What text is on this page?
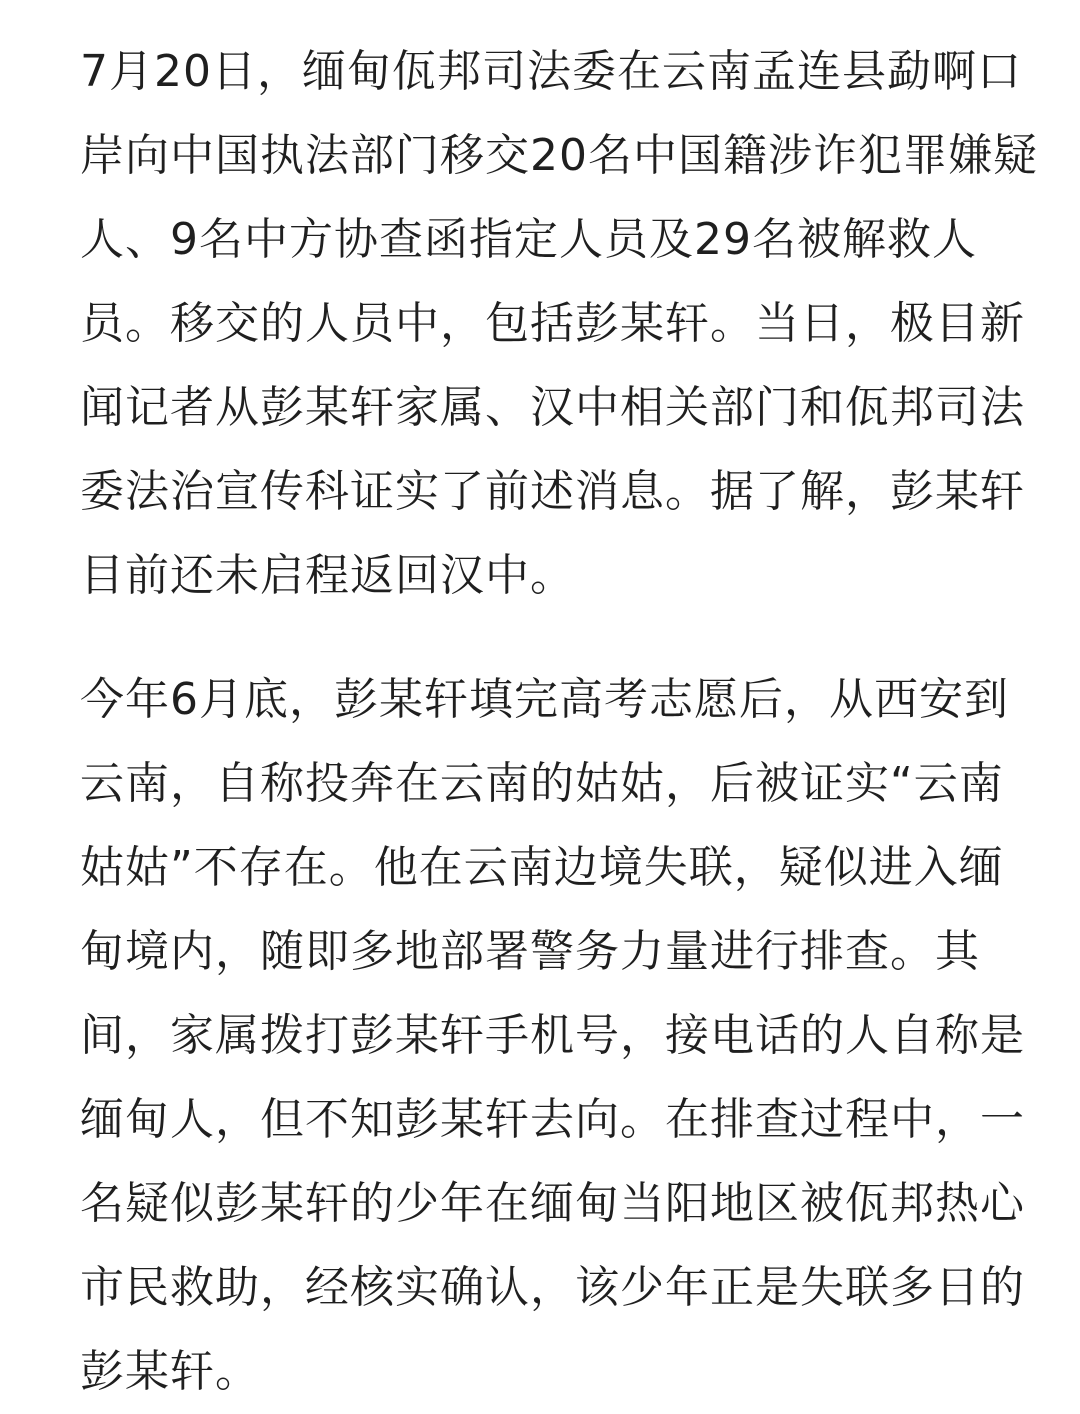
7月20日，缅甸佤邦司法委在云南孟连县勐啊口
岸向中国执法部门移交20名中国籍涉诈犯罪嫌疑
人、9名中方协查函指定人员及29名被解救人
员。移交的人员中，包括彭某轩。当日，极目新
闻记者从彭某轩家属、汉中相关部门和佤邦司法
委法治宣传科证实了前述消息。据了解，彭某轩
目前还未启程返回汉中。

今年6月底，彭某轩填完高考志愿后，从西安到
云南，自称投奔在云南的姑姑，后被证实“云南
姑姑”不存在。他在云南边境失联，疑似进入缅
甸境内，随即多地部署警务力量进行排查。其
间，家属拨打彭某轩手机号，接电话的人自称是
缅甸人，但不知彭某轩去向。在排查过程中，一
名疑似彭某轩的少年在缅甸当阳地区被佤邦热心
市民救助，经核实确认，该少年正是失联多日的
彭某轩。
